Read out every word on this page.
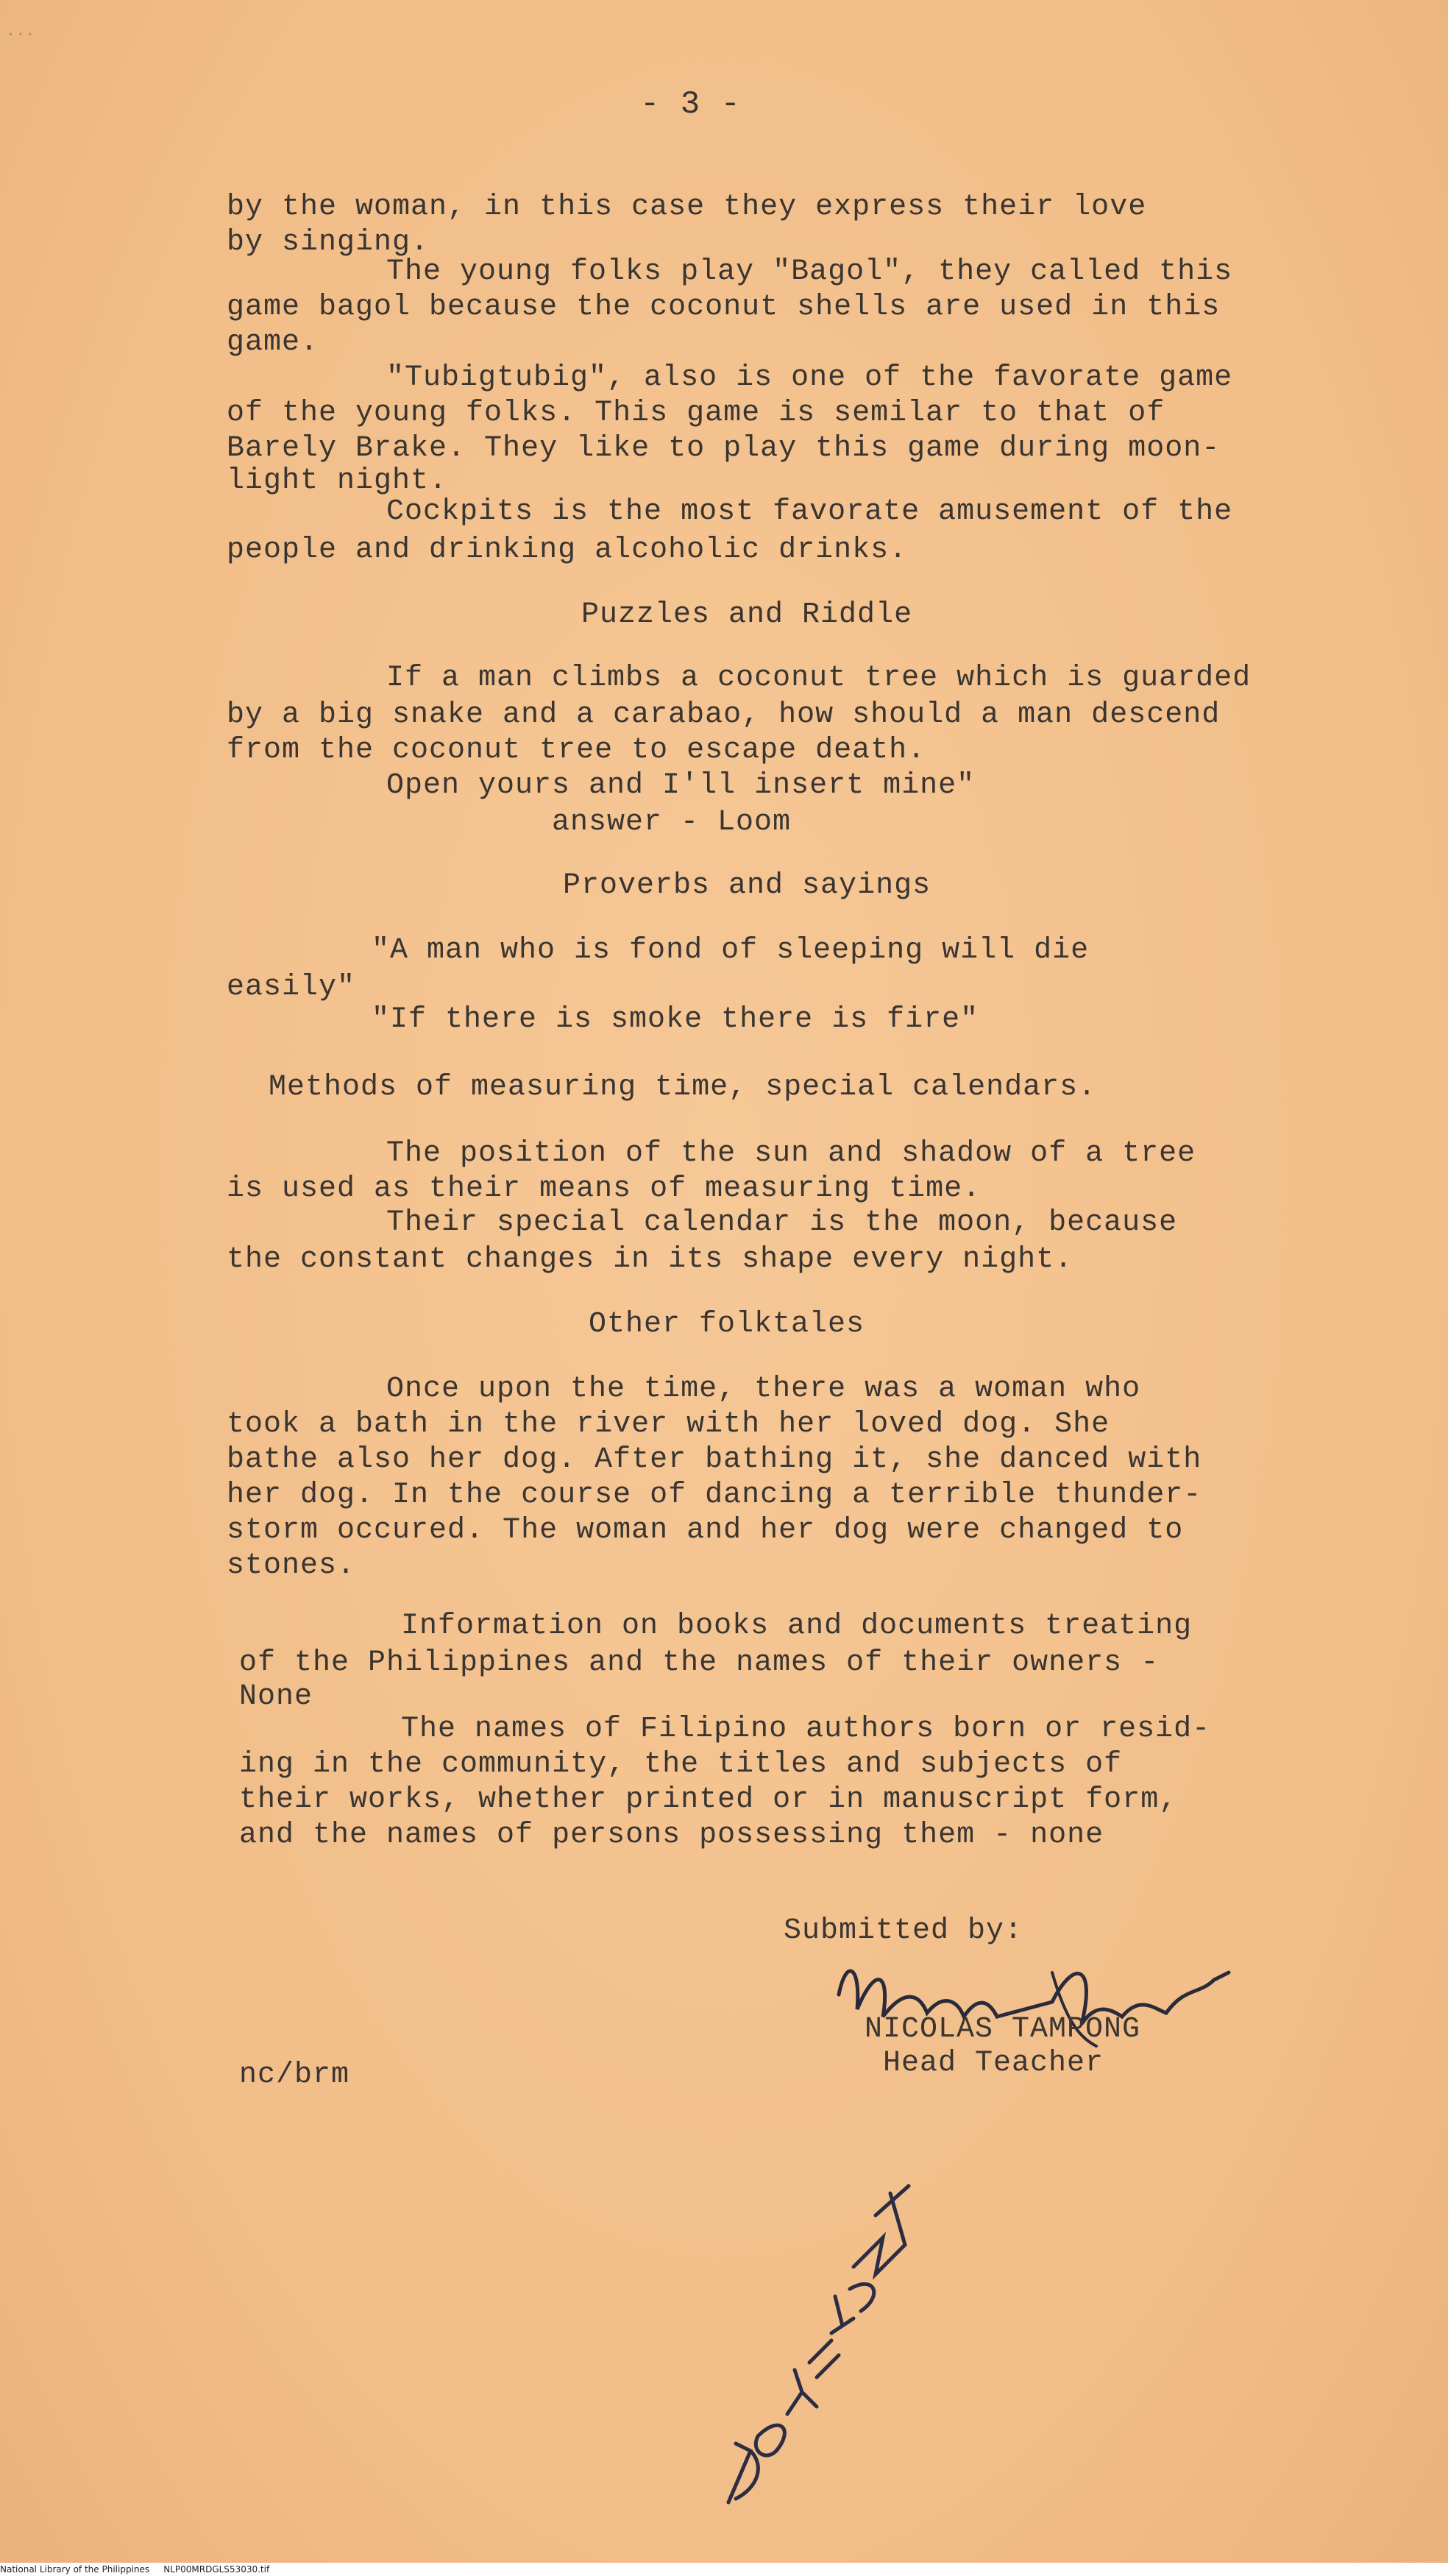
...
- 3 -
by the woman, in this case they express their love
by singing.
The young folks play "Bagol", they called this
game bagol because the coconut shells are used in this
game.
"Tubigtubig", also is one of the favorate game
of the young folks. This game is semilar to that of
Barely Brake. They like to play this game during moon-
light night.
Cockpits is the most favorate amusement of the
people and drinking alcoholic drinks.
Puzzles and Riddle
If a man climbs a coconut tree which is guarded
by a big snake and a carabao, how should a man descend
from the coconut tree to escape death.
Open yours and I'll insert mine"
answer - Loom
Proverbs and sayings
"A man who is fond of sleeping will die
easily"
"If there is smoke there is fire"
Methods of measuring time, special calendars.
The position of the sun and shadow of a tree
is used as their means of measuring time.
Their special calendar is the moon, because
the constant changes in its shape every night.
Other folktales
Once upon the time, there was a woman who
took a bath in the river with her loved dog. She
bathe also her dog. After bathing it, she danced with
her dog. In the course of dancing a terrible thunder-
storm occured. The woman and her dog were changed to
stones.
Information on books and documents treating
of the Philippines and the names of their owners -
None
The names of Filipino authors born or resid-
ing in the community, the titles and subjects of
their works, whether printed or in manuscript form,
and the names of persons possessing them - none
Submitted by:
NICOLAS TAMPONG
Head Teacher
nc/brm
National Library of the Philippines NLP00MRDGLS53030.tif
